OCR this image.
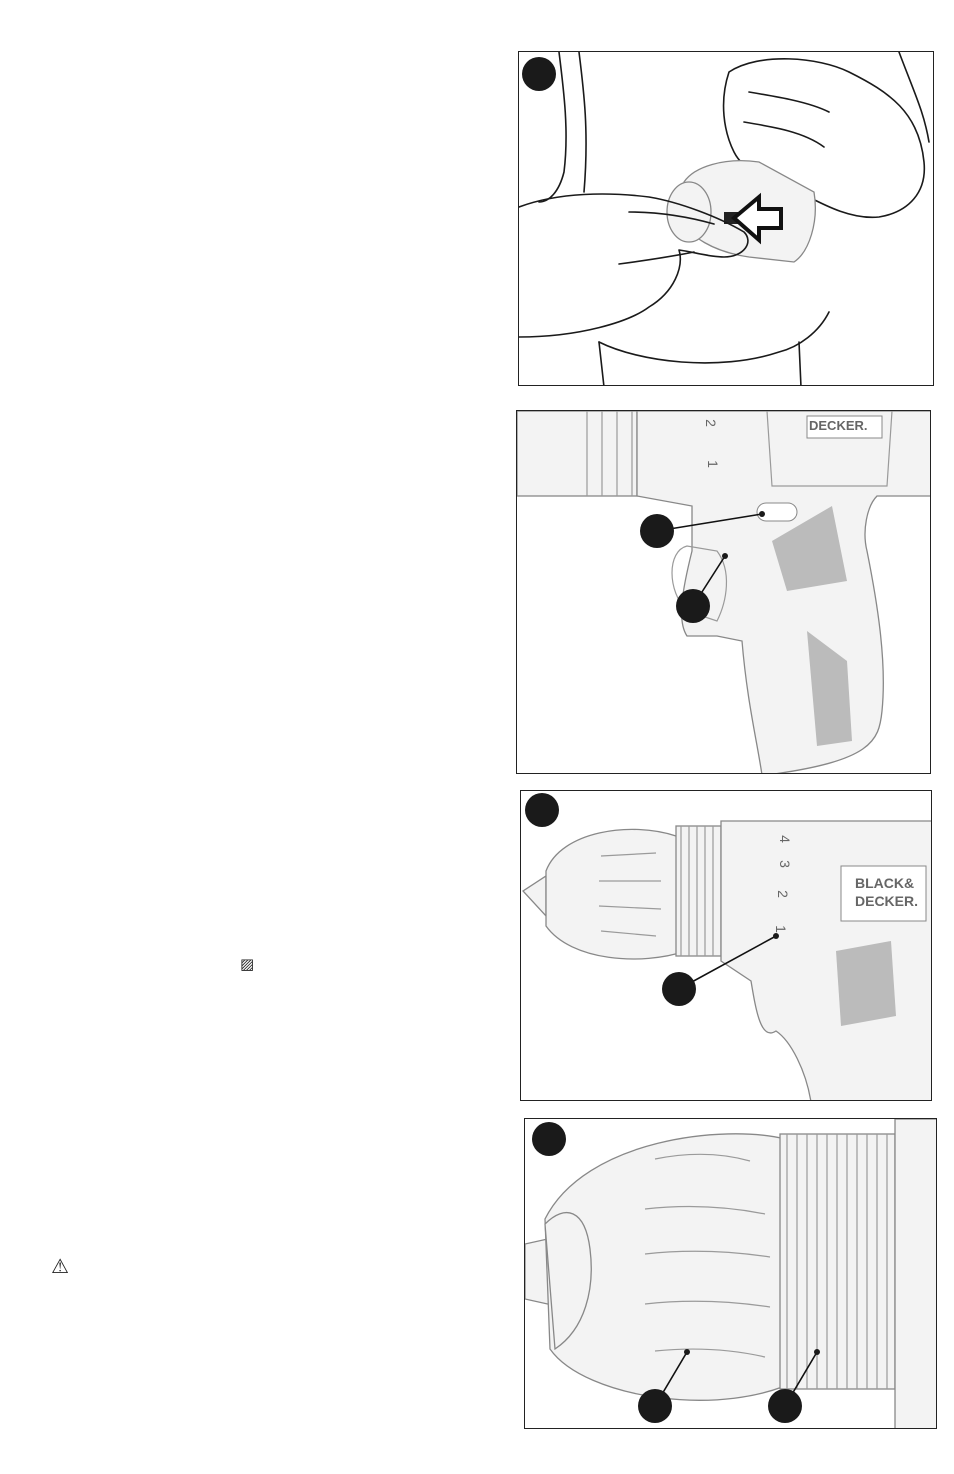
▨
⚠
DECKER.
2
1
BLACK&
DECKER.
1
2
3
4
